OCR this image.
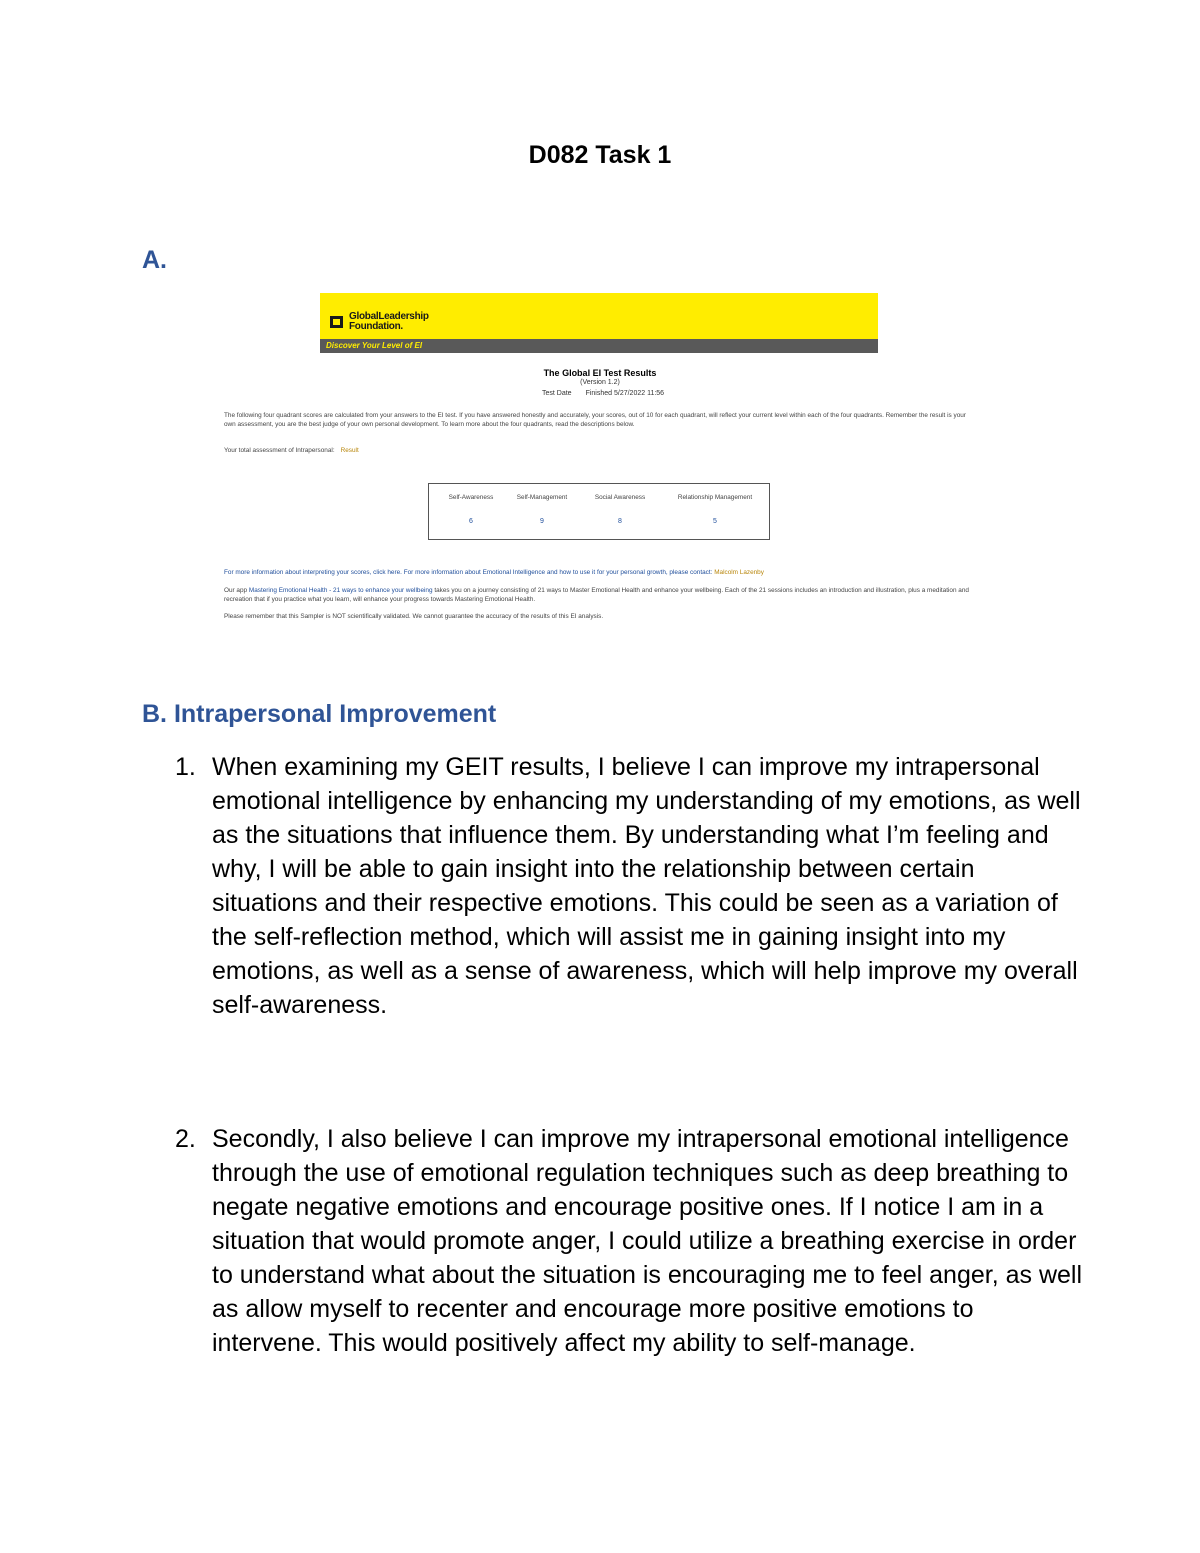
D082 Task 1
A.
GlobalLeadership
Foundation.
Discover Your Level of EI
The Global EI Test Results
(Version 1.2)
Test Date Finished 5/27/2022 11:56
The following four quadrant scores are calculated from your answers to the EI test. If you have answered honestly and accurately, your scores, out of 10 for each quadrant, will reflect your current level within each of the four quadrants. Remember the result is your own assessment, you are the best judge of your own personal development. To learn more about the four quadrants, read the descriptions below.
Your total assessment of Intrapersonal: Result
Self-Awareness
6
Self-Management
9
Social Awareness
8
Relationship Management
5
For more information about interpreting your scores, click here. For more information about Emotional Intelligence and how to use it for your personal growth, please contact: Malcolm Lazenby
Our app Mastering Emotional Health - 21 ways to enhance your wellbeing takes you on a journey consisting of 21 ways to Master Emotional Health and enhance your wellbeing. Each of the 21 sessions includes an introduction and illustration, plus a meditation and recreation that if you practice what you learn, will enhance your progress towards Mastering Emotional Health.
Please remember that this Sampler is NOT scientifically validated. We cannot guarantee the accuracy of the results of this EI analysis.
B. Intrapersonal Improvement
1. When examining my GEIT results, I believe I can improve my intrapersonal emotional intelligence by enhancing my understanding of my emotions, as well as the situations that influence them. By understanding what I’m feeling and why, I will be able to gain insight into the relationship between certain situations and their respective emotions. This could be seen as a variation of the self-reflection method, which will assist me in gaining insight into my emotions, as well as a sense of awareness, which will help improve my overall self-awareness.
2. Secondly, I also believe I can improve my intrapersonal emotional intelligence through the use of emotional regulation techniques such as deep breathing to negate negative emotions and encourage positive ones. If I notice I am in a situation that would promote anger, I could utilize a breathing exercise in order to understand what about the situation is encouraging me to feel anger, as well as allow myself to recenter and encourage more positive emotions to intervene. This would positively affect my ability to self-manage.
